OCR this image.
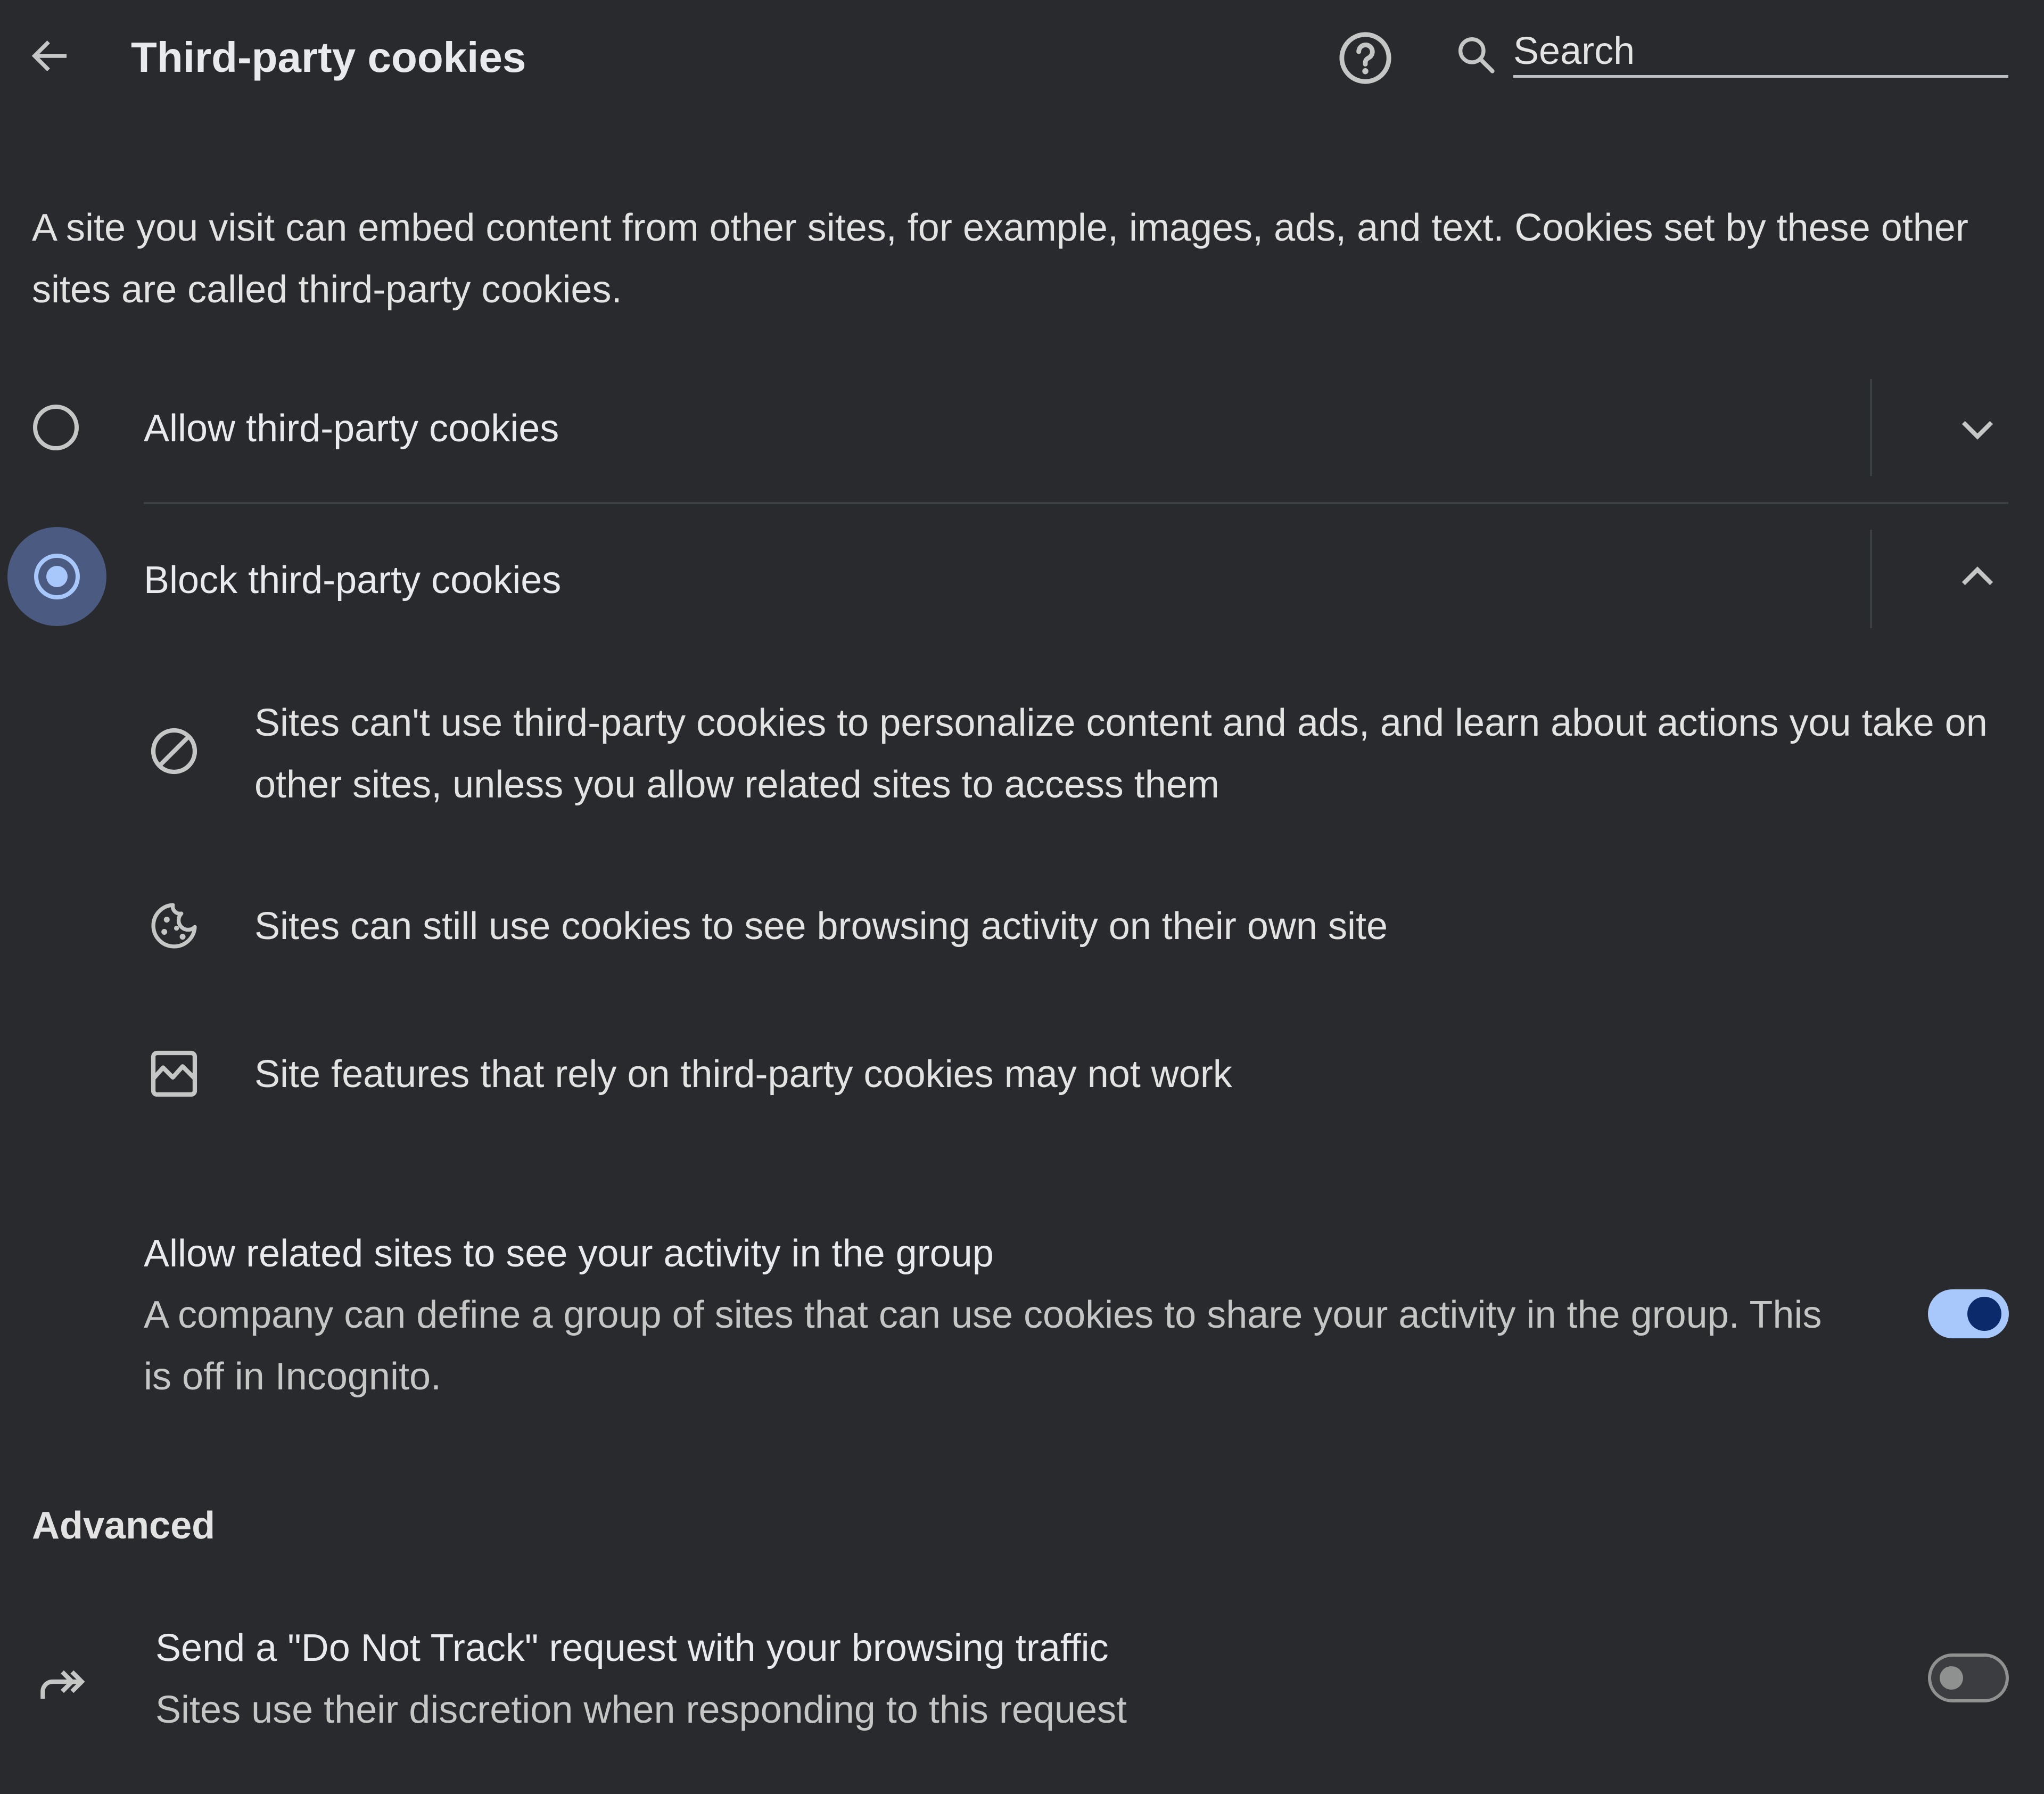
Third-party cookies
Search
A site you visit can embed content from other sites, for example, images, ads, and text. Cookies set by these other sites are called third-party cookies.
Allow third-party cookies
Block third-party cookies
Sites can't use third-party cookies to personalize content and ads, and learn about actions you take on other sites, unless you allow related sites to access them
Sites can still use cookies to see browsing activity on their own site
Site features that rely on third-party cookies may not work
Allow related sites to see your activity in the group
A company can define a group of sites that can use cookies to share your activity in the group. This is off in Incognito.
Advanced
Send a "Do Not Track" request with your browsing traffic
Sites use their discretion when responding to this request
